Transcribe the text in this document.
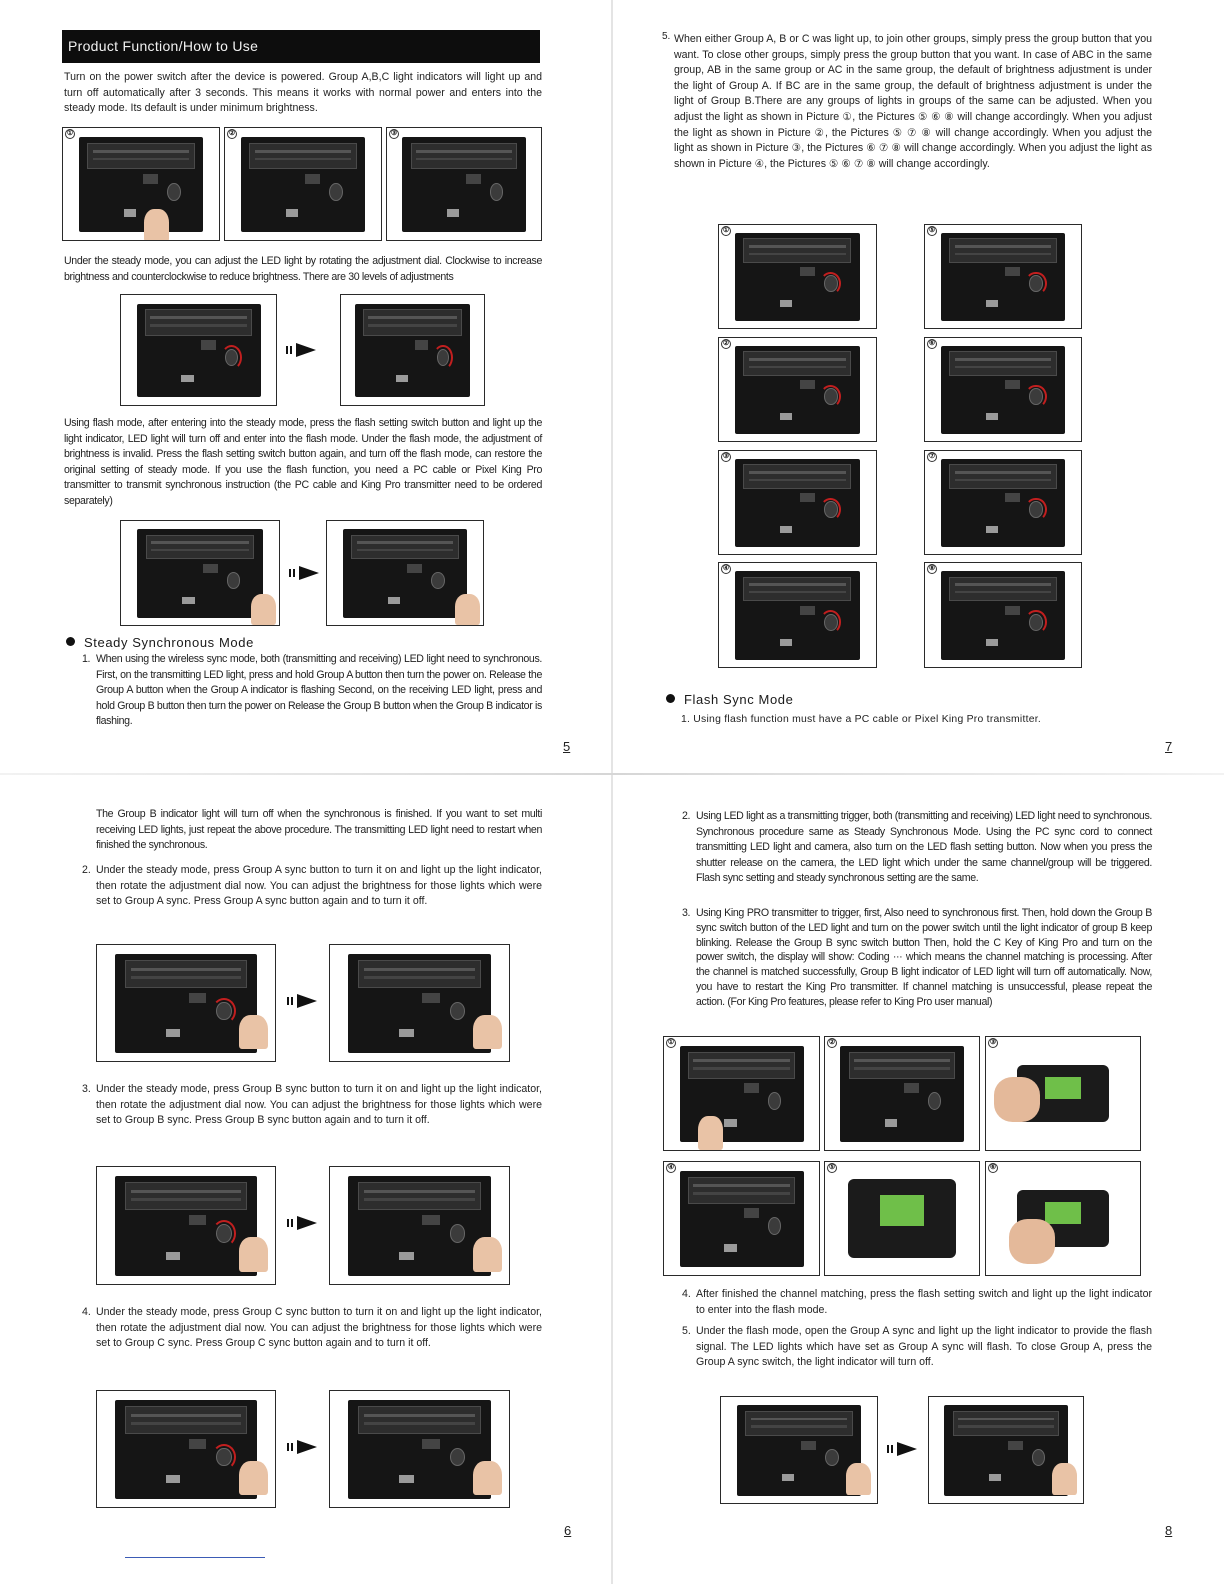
Product Function/How to Use
Turn on the power switch after the device is powered. Group A,B,C light indicators will light up and turn off automatically after 3 seconds. This means it works with normal power and enters into the steady mode. Its default is under minimum brightness.
①	②	③
Under the steady mode, you can adjust the LED light by rotating the adjustment dial. Clockwise to increase brightness and counterclockwise to reduce brightness. There are 30 levels of adjustments
Using flash mode, after entering into the steady mode, press the flash setting switch button and light up the light indicator, LED light will turn off and enter into the flash mode. Under the flash mode, the adjustment of brightness is invalid. Press the flash setting switch button again, and turn off the flash mode, can restore the original setting of steady mode. If you use the flash function, you need a PC cable or Pixel King Pro transmitter to transmit synchronous instruction (the PC cable and King Pro transmitter need to be ordered separately)
Steady Synchronous Mode
1. When using the wireless sync mode, both (transmitting and receiving) LED light need to synchronous. First, on the transmitting LED light, press and hold Group A button then turn the power on. Release the Group A button when the Group A indicator is flashing Second, on the receiving LED light, press and hold Group B button then turn the power on Release the Group B button when the Group B indicator is flashing.
5
5. When either Group A, B or C was light up, to join other groups, simply press the group button that you want. To close other groups, simply press the group button that you want. In case of ABC in the same group, AB in the same group or AC in the same group, the default of brightness adjustment is under the light of Group A. If BC are in the same group, the default of brightness adjustment is under the light of Group B.There are any groups of lights in groups of the same can be adjusted. When you adjust the light as shown in Picture ①, the Pictures ⑤ ⑥ ⑧ will change accordingly. When you adjust the light as shown in Picture ②, the Pictures ⑤ ⑦ ⑧ will change accordingly. When you adjust the light as shown in Picture ③, the Pictures ⑥ ⑦ ⑧ will change accordingly. When you adjust the light as shown in Picture ④, the Pictures ⑤ ⑥ ⑦ ⑧ will change accordingly.
①	⑤
②	⑥
③	⑦
④	⑧
Flash Sync Mode
1. Using flash function must have a PC cable or Pixel King Pro transmitter.
7
The Group B indicator light will turn off when the synchronous is finished. If you want to set multi receiving LED lights, just repeat the above procedure. The transmitting LED light need to restart when finished the synchronous.
2. Under the steady mode, press Group A sync button to turn it on and light up the light indicator, then rotate the adjustment dial now. You can adjust the brightness for those lights which were set to Group A sync. Press Group A sync button again and to turn it off.
3. Under the steady mode, press Group B sync button to turn it on and light up the light indicator, then rotate the adjustment dial now. You can adjust the brightness for those lights which were set to Group B sync. Press Group B sync button again and to turn it off.
4. Under the steady mode, press Group C sync button to turn it on and light up the light indicator, then rotate the adjustment dial now. You can adjust the brightness for those lights which were set to Group C sync. Press Group C sync button again and to turn it off.
6
2. Using LED light as a transmitting trigger, both (transmitting and receiving) LED light need to synchronous. Synchronous procedure same as Steady Synchronous Mode. Using the PC sync cord to connect transmitting LED light and camera, also turn on the LED flash setting button. Now when you press the shutter release on the camera, the LED light which under the same channel/group will be triggered. Flash sync setting and steady synchronous setting are the same.
3. Using King PRO transmitter to trigger, first, Also need to synchronous first. Then, hold down the Group B sync switch button of the LED light and turn on the power switch until the light indicator of group B keep blinking. Release the Group B sync switch button Then, hold the C Key of King Pro and turn on the power switch, the display will show: Coding ··· which means the channel matching is processing. After the channel is matched successfully, Group B light indicator of LED light will turn off automatically. Now, you have to restart the King Pro transmitter. If channel matching is unsuccessful, please repeat the action. (For King Pro features, please refer to King Pro user manual)
①	②	③
④	⑤	⑥
4. After finished the channel matching, press the flash setting switch and light up the light indicator to enter into the flash mode.
5. Under the flash mode, open the Group A sync and light up the light indicator to provide the flash signal. The LED lights which have set as Group A sync will flash. To close Group A, press the Group A sync switch, the light indicator will turn off.
8
